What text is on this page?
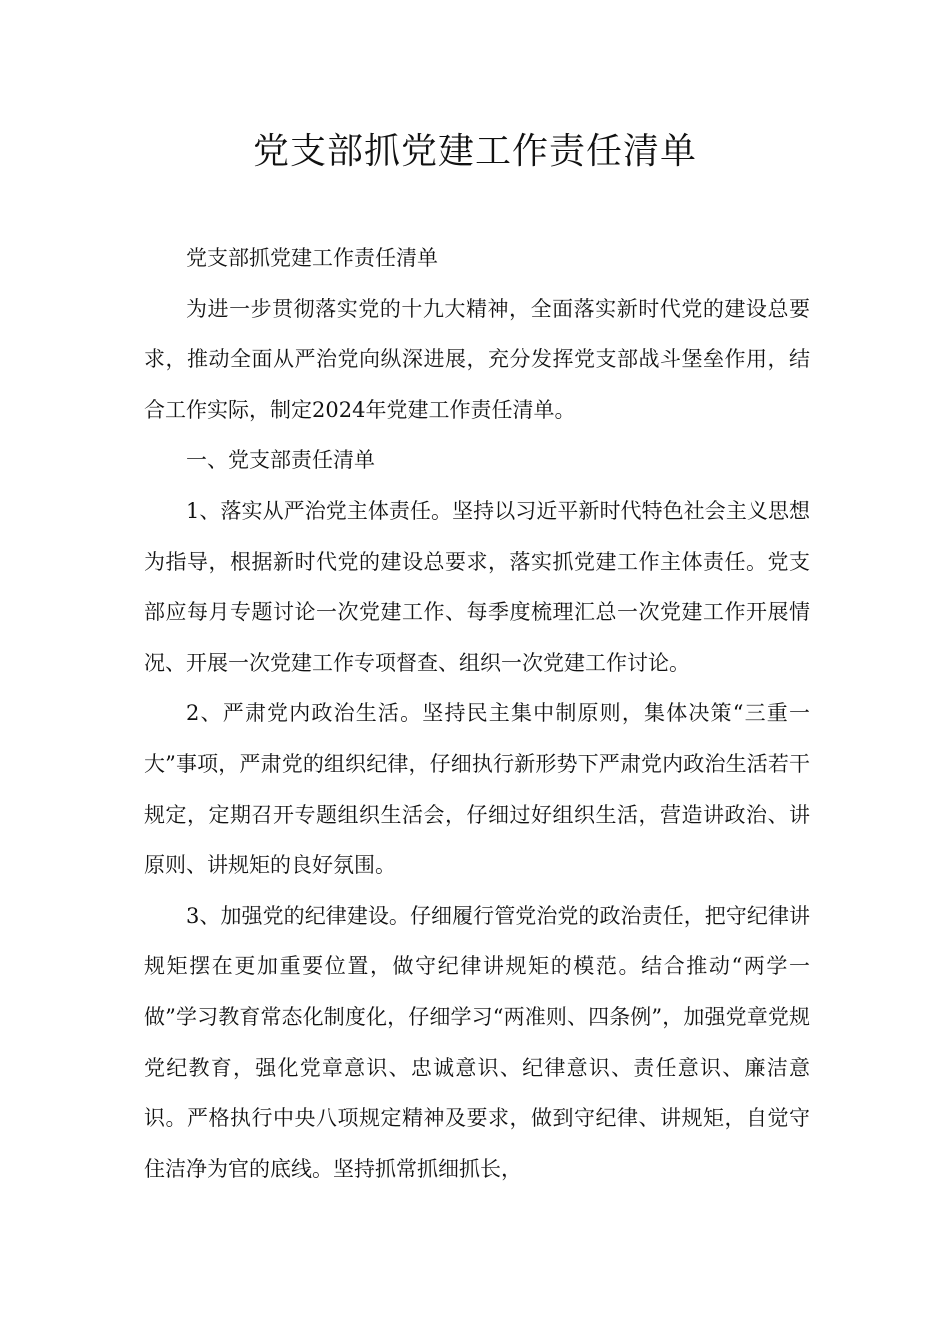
党支部抓党建工作责任清单

党支部抓党建工作责任清单

为进一步贯彻落实党的十九大精神，全面落实新时代党的建设总要求，推动全面从严治党向纵深进展，充分发挥党支部战斗堡垒作用，结合工作实际，制定2024年党建工作责任清单。

一、党支部责任清单

1、落实从严治党主体责任。坚持以习近平新时代特色社会主义思想为指导，根据新时代党的建设总要求，落实抓党建工作主体责任。党支部应每月专题讨论一次党建工作、每季度梳理汇总一次党建工作开展情况、开展一次党建工作专项督查、组织一次党建工作讨论。

2、严肃党内政治生活。坚持民主集中制原则，集体决策“三重一大”事项，严肃党的组织纪律，仔细执行新形势下严肃党内政治生活若干规定，定期召开专题组织生活会，仔细过好组织生活，营造讲政治、讲原则、讲规矩的良好氛围。

3、加强党的纪律建设。仔细履行管党治党的政治责任，把守纪律讲规矩摆在更加重要位置，做守纪律讲规矩的模范。结合推动“两学一做”学习教育常态化制度化，仔细学习“两准则、四条例”，加强党章党规党纪教育，强化党章意识、忠诚意识、纪律意识、责任意识、廉洁意识。严格执行中央八项规定精神及要求，做到守纪律、讲规矩，自觉守住洁净为官的底线。坚持抓常抓细抓长，
